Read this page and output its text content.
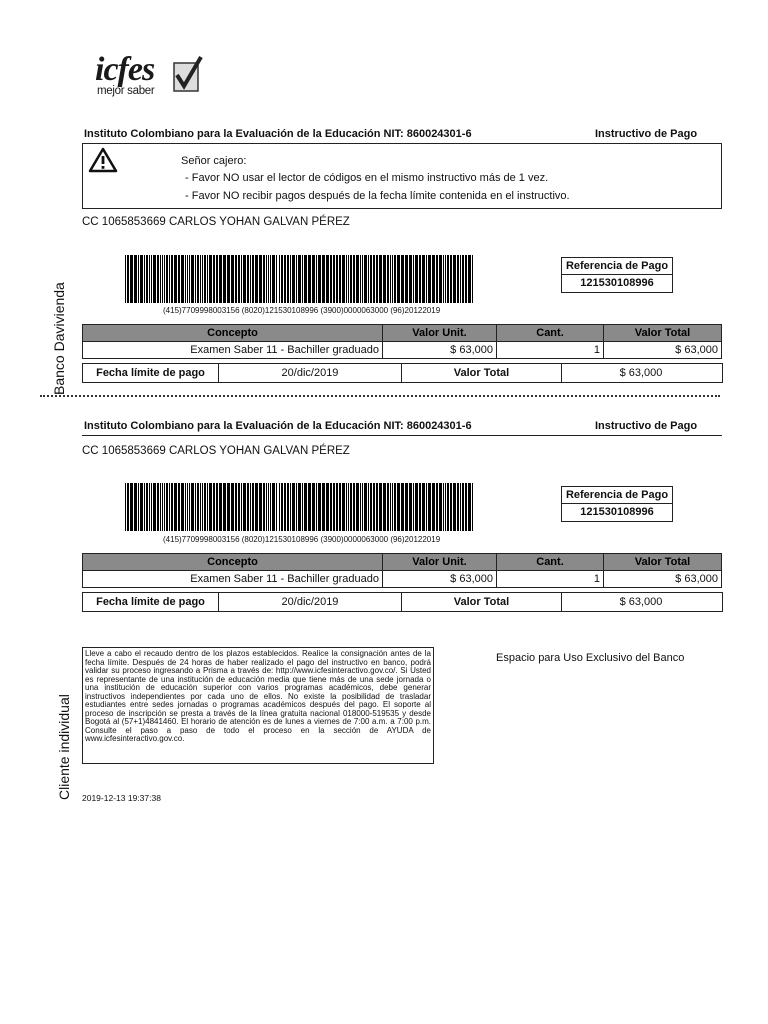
icfes
mejor saber
Instituto Colombiano para la Evaluación de la Educación NIT: 860024301-6	Instructivo de Pago
Señor cajero:
- Favor NO usar el lector de códigos en el mismo instructivo más de 1 vez.
- Favor NO recibir pagos después de la fecha límite contenida en el instructivo.
CC 1065853669 CARLOS YOHAN GALVAN PÉREZ
(415)7709998003156 (8020)121530108996 (3900)0000063000 (96)20122019
Referencia de Pago
121530108996
Concepto	Valor Unit.	Cant.	Valor Total
Examen Saber 11 - Bachiller graduado	$ 63,000	1	$ 63,000
Fecha límite de pago	20/dic/2019	Valor Total	$ 63,000
Banco Davivienda
Instituto Colombiano para la Evaluación de la Educación NIT: 860024301-6	Instructivo de Pago
CC 1065853669 CARLOS YOHAN GALVAN PÉREZ
(415)7709998003156 (8020)121530108996 (3900)0000063000 (96)20122019
Referencia de Pago
121530108996
Concepto	Valor Unit.	Cant.	Valor Total
Examen Saber 11 - Bachiller graduado	$ 63,000	1	$ 63,000
Fecha límite de pago	20/dic/2019	Valor Total	$ 63,000
Lleve a cabo el recaudo dentro de los plazos establecidos. Realice la consignación antes de la fecha límite. Después de 24 horas de haber realizado el pago del instructivo en banco, podrá validar su proceso ingresando a Prisma a través de: http://www.icfesinteractivo.gov.co/. Si Usted es representante de una institución de educación media que tiene más de una sede jornada o una institución de educación superior con varios programas académicos, debe generar instructivos independientes por cada uno de ellos. No existe la posibilidad de trasladar estudiantes entre sedes jornadas o programas académicos después del pago. El soporte al proceso de inscripción se presta a través de la línea gratuita nacional 018000-519535 y desde Bogotá al (57+1)4841460. El horario de atención es de lunes a viernes de 7:00 a.m. a 7:00 p.m. Consulte el paso a paso de todo el proceso en la sección de AYUDA de www.icfesinteractivo.gov.co.
Espacio para Uso Exclusivo del Banco
Cliente individual 2019-12-13 19:37:38
